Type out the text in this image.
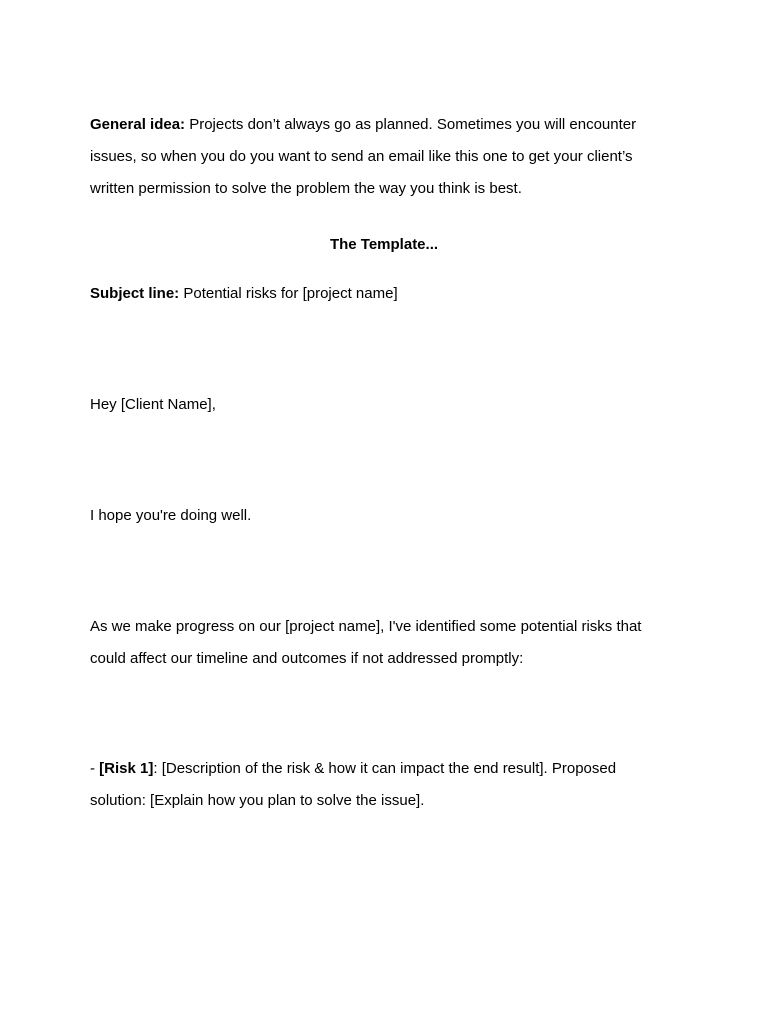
General idea: Projects don’t always go as planned. Sometimes you will encounter issues, so when you do you want to send an email like this one to get your client’s written permission to solve the problem the way you think is best.

The Template...

Subject line: Potential risks for [project name]

Hey [Client Name],

I hope you're doing well.

As we make progress on our [project name], I've identified some potential risks that could affect our timeline and outcomes if not addressed promptly:

- [Risk 1]: [Description of the risk & how it can impact the end result]. Proposed solution: [Explain how you plan to solve the issue].
